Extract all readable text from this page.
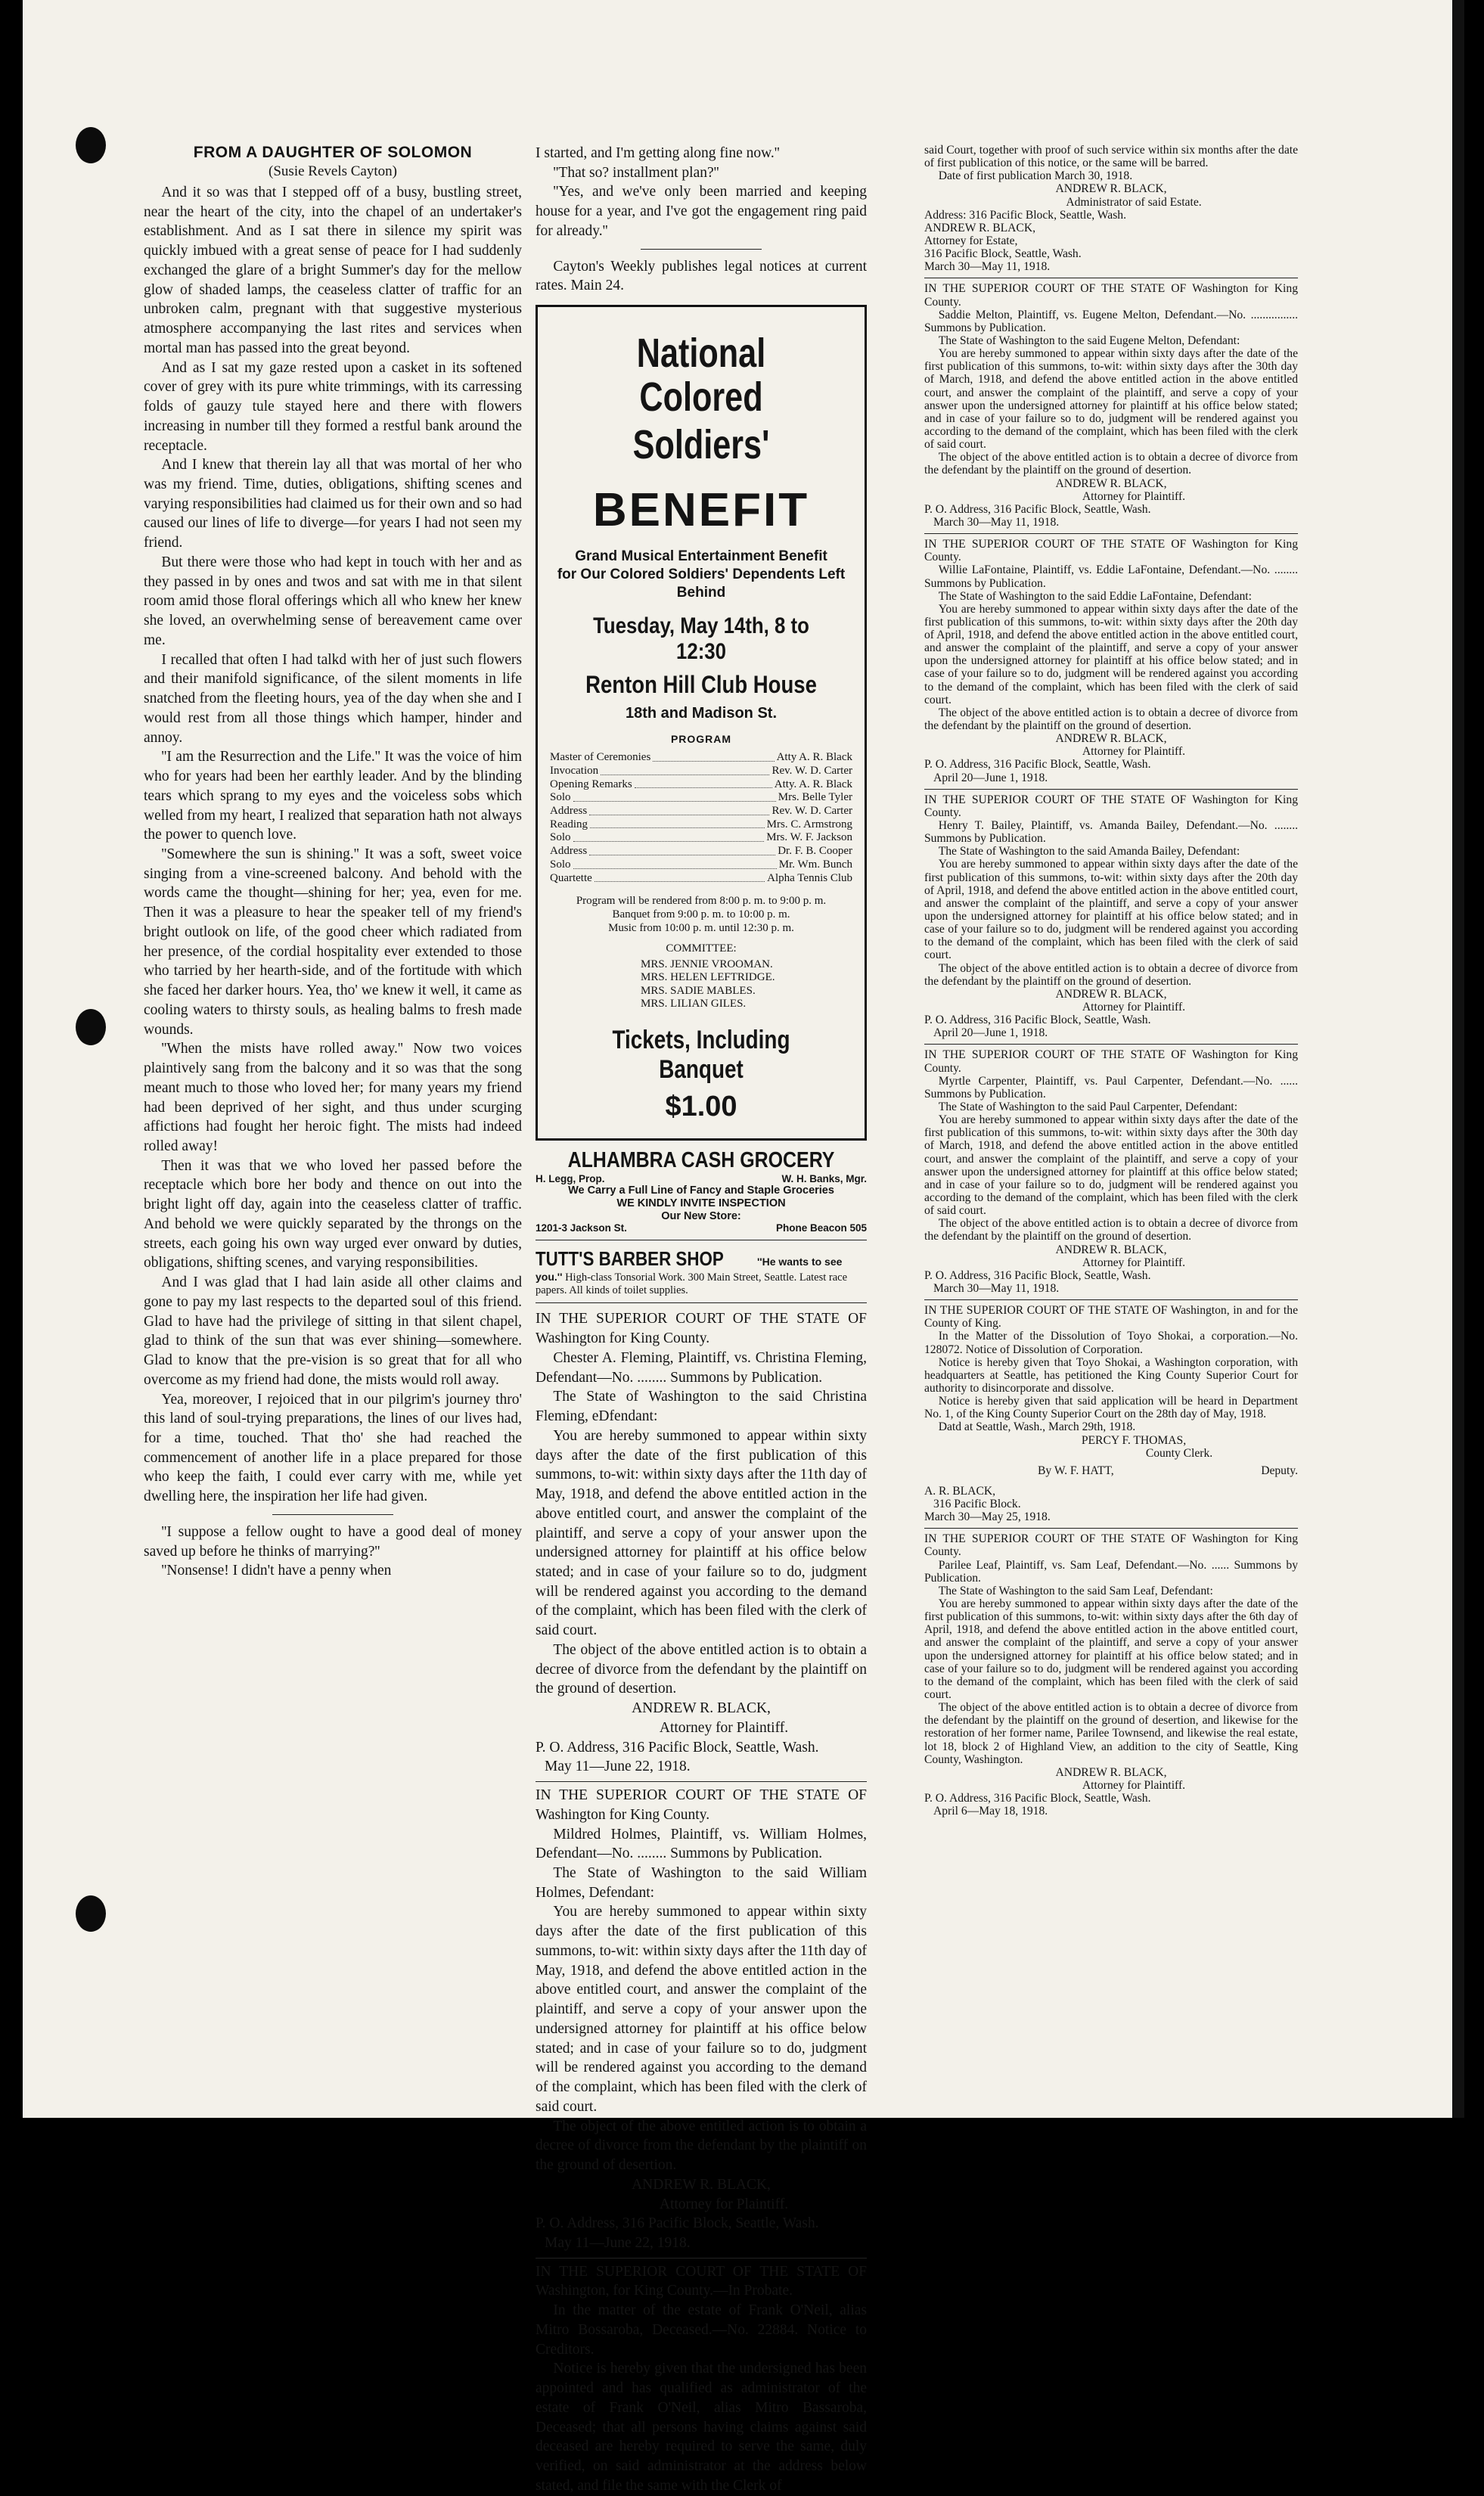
FROM A DAUGHTER OF SOLOMON
(Susie Revels Cayton)

And it so was that I stepped off of a busy, bustling street, near the heart of the city, into the chapel of an undertaker's establishment. And as I sat there in silence my spirit was quickly imbued with a great sense of peace for I had suddenly exchanged the glare of a bright Summer's day for the mellow glow of shaded lamps, the ceaseless clatter of traffic for an unbroken calm, pregnant with that suggestive mysterious atmosphere accompanying the last rites and services when mortal man has passed into the great beyond.

And as I sat my gaze rested upon a casket in its softened cover of grey with its pure white trimmings, with its carressing folds of gauzy tule stayed here and there with flowers increasing in number till they formed a restful bank around the receptacle.

And I knew that therein lay all that was mortal of her who was my friend. Time, duties, obligations, shifting scenes and varying responsibilities had claimed us for their own and so had caused our lines of life to diverge—for years I had not seen my friend.

But there were those who had kept in touch with her and as they passed in by ones and twos and sat with me in that silent room amid those floral offerings which all who knew her knew she loved, an overwhelming sense of bereavement came over me.

I recalled that often I had talkd with her of just such flowers and their manifold significance, of the silent moments in life snatched from the fleeting hours, yea of the day when she and I would rest from all those things which hamper, hinder and annoy.

''I am the Resurrection and the Life.'' It was the voice of him who for years had been her earthly leader. And by the blinding tears which sprang to my eyes and the voiceless sobs which welled from my heart, I realized that separation hath not always the power to quench love.

''Somewhere the sun is shining.'' It was a soft, sweet voice singing from a vine-screened balcony. And behold with the words came the thought—shining for her; yea, even for me. Then it was a pleasure to hear the speaker tell of my friend's bright outlook on life, of the good cheer which radiated from her presence, of the cordial hospitality ever extended to those who tarried by her hearth-side, and of the fortitude with which she faced her darker hours. Yea, tho' we knew it well, it came as cooling waters to thirsty souls, as healing balms to fresh made wounds.

''When the mists have rolled away.'' Now two voices plaintively sang from the balcony and it so was that the song meant much to those who loved her; for many years my friend had been deprived of her sight, and thus under scurging affictions had fought her heroic fight. The mists had indeed rolled away!

Then it was that we who loved her passed before the receptacle which bore her body and thence on out into the bright light off day, again into the ceaseless clatter of traffic. And behold we were quickly separated by the throngs on the streets, each going his own way urged ever onward by duties, obligations, shifting scenes, and varying responsibilities.

And I was glad that I had lain aside all other claims and gone to pay my last respects to the departed soul of this friend. Glad to have had the privilege of sitting in that silent chapel, glad to think of the sun that was ever shining—somewhere. Glad to know that the pre-vision is so great that for all who overcome as my friend had done, the mists would roll away.

Yea, moreover, I rejoiced that in our pilgrim's journey thro' this land of soul-trying preparations, the lines of our lives had, for a time, touched. That tho' she had reached the commencement of another life in a place prepared for those who keep the faith, I could ever carry with me, while yet dwelling here, the inspiration her life had given.

''I suppose a fellow ought to have a good deal of money saved up before he thinks of marrying?''

''Nonsense! I didn't have a penny when

I started, and I'm getting along fine now.''

''That so? installment plan?''

''Yes, and we've only been married and keeping house for a year, and I've got the engagement ring paid for already.''

Cayton's Weekly publishes legal notices at current rates. Main 24.

National Colored
Soldiers'
BENEFIT
Grand Musical Entertainment Benefit
for Our Colored Soldiers' Dependents Left Behind
Tuesday, May 14th, 8 to 12:30
Renton Hill Club House
18th and Madison St.
PROGRAM
Master of Ceremonies	Atty A. R. Black
Invocation	Rev. W. D. Carter
Opening Remarks	Atty. A. R. Black
Solo	Mrs. Belle Tyler
Address	Rev. W. D. Carter
Reading	Mrs. C. Armstrong
Solo	Mrs. W. F. Jackson
Address	Dr. F. B. Cooper
Solo	Mr. Wm. Bunch
Quartette	Alpha Tennis Club
Program will be rendered from 8:00 p. m. to 9:00 p. m.
Banquet from 9:00 p. m. to 10:00 p. m.
Music from 10:00 p. m. until 12:30 p. m.
COMMITTEE:
MRS. JENNIE VROOMAN.
MRS. HELEN LEFTRIDGE.
MRS. SADIE MABLES.
MRS. LILIAN GILES.
Tickets, Including Banquet
$1.00
ALHAMBRA CASH GROCERY
H. Legg, Prop.	W. H. Banks, Mgr.
We Carry a Full Line of Fancy and Staple Groceries
WE KINDLY INVITE INSPECTION
Our New Store:
1201-3 Jackson St.	Phone Beacon 505
TUTT'S BARBER SHOP	''He wants to see you.'' High-class Tonsorial Work. 300 Main Street, Seattle. Latest race papers. All kinds of toilet supplies.

IN THE SUPERIOR COURT OF THE STATE OF Washington for King County.

Chester A. Fleming, Plaintiff, vs. Christina Fleming, Defendant—No. ........ Summons by Publication.

The State of Washington to the said Christina Fleming, eDfendant:

You are hereby summoned to appear within sixty days after the date of the first publication of this summons, to-wit: within sixty days after the 11th day of May, 1918, and defend the above entitled action in the above entitled court, and answer the complaint of the plaintiff, and serve a copy of your answer upon the undersigned attorney for plaintiff at his office below stated; and in case of your failure so to do, judgment will be rendered against you according to the demand of the complaint, which has been filed with the clerk of said court.

The object of the above entitled action is to obtain a decree of divorce from the defendant by the plaintiff on the ground of desertion.

ANDREW R. BLACK,

Attorney for Plaintiff.

P. O. Address, 316 Pacific Block, Seattle, Wash.

May 11—June 22, 1918.

IN THE SUPERIOR COURT OF THE STATE OF Washington for King County.

Mildred Holmes, Plaintiff, vs. William Holmes, Defendant—No. ........ Summons by Publication.

The State of Washington to the said William Holmes, Defendant:

You are hereby summoned to appear within sixty days after the date of the first publication of this summons, to-wit: within sixty days after the 11th day of May, 1918, and defend the above entitled action in the above entitled court, and answer the complaint of the plaintiff, and serve a copy of your answer upon the undersigned attorney for plaintiff at his office below stated; and in case of your failure so to do, judgment will be rendered against you according to the demand of the complaint, which has been filed with the clerk of said court.

The object of the above entitled action is to obtain a decree of divorce from the defendant by the plaintiff on the ground of desertion.

ANDREW R. BLACK,

Attorney for Plaintiff.

P. O. Address, 316 Pacific Block, Seattle, Wash.

May 11—June 22, 1918.

IN THE SUPERIOR COURT OF THE STATE OF Washington, for King County.—In Probate.

In the matter of the estate of Frank O'Neil, alias Mitro Bossaroba, Deceased.—No. 22884. Notice to Creditors.

Notice is hereby given that the undersigned has been appointed and has qualified as administrator of the estate of Frank O'Neil, alias Mitro Bassaroba, Deceased; that all persons having claims against said deceased are hereby required to serve the same, duly verified, on said administrator at the address below stated, and file the same with the Clerk of

said Court, together with proof of such service within six months after the date of first publication of this notice, or the same will be barred.

Date of first publication March 30, 1918.

ANDREW R. BLACK,

Administrator of said Estate.

Address: 316 Pacific Block, Seattle, Wash.

ANDREW R. BLACK,

Attorney for Estate,

316 Pacific Block, Seattle, Wash.

March 30—May 11, 1918.

IN THE SUPERIOR COURT OF THE STATE OF Washington for King County.

Saddie Melton, Plaintiff, vs. Eugene Melton, Defendant.—No. ................ Summons by Publication.

The State of Washington to the said Eugene Melton, Defendant:

You are hereby summoned to appear within sixty days after the date of the first publication of this summons, to-wit: within sixty days after the 30th day of March, 1918, and defend the above entitled action in the above entitled court, and answer the complaint of the plaintiff, and serve a copy of your answer upon the undersigned attorney for plaintiff at his office below stated; and in case of your failure so to do, judgment will be rendered against you according to the demand of the complaint, which has been filed with the clerk of said court.

The object of the above entitled action is to obtain a decree of divorce from the defendant by the plaintiff on the ground of desertion.

ANDREW R. BLACK,

Attorney for Plaintiff.

P. O. Address, 316 Pacific Block, Seattle, Wash.

March 30—May 11, 1918.

IN THE SUPERIOR COURT OF THE STATE OF Washington for King County.

Willie LaFontaine, Plaintiff, vs. Eddie LaFontaine, Defendant.—No. ........ Summons by Publication.

The State of Washington to the said Eddie LaFontaine, Defendant:

You are hereby summoned to appear within sixty days after the date of the first publication of this summons, to-wit: within sixty days after the 20th day of April, 1918, and defend the above entitled action in the above entitled court, and answer the complaint of the plaintiff, and serve a copy of your answer upon the undersigned attorney for plaintiff at his office below stated; and in case of your failure so to do, judgment will be rendered against you according to the demand of the complaint, which has been filed with the clerk of said court.

The object of the above entitled action is to obtain a decree of divorce from the defendant by the plaintiff on the ground of desertion.

ANDREW R. BLACK,

Attorney for Plaintiff.

P. O. Address, 316 Pacific Block, Seattle, Wash.

April 20—June 1, 1918.

IN THE SUPERIOR COURT OF THE STATE OF Washington for King County.

Henry T. Bailey, Plaintiff, vs. Amanda Bailey, Defendant.—No. ........ Summons by Publication.

The State of Washington to the said Amanda Bailey, Defendant:

You are hereby summoned to appear within sixty days after the date of the first publication of this summons, to-wit: within sixty days after the 20th day of April, 1918, and defend the above entitled action in the above entitled court, and answer the complaint of the plaintiff, and serve a copy of your answer upon the undersigned attorney for plaintiff at his office below stated; and in case of your failure so to do, judgment will be rendered against you according to the demand of the complaint, which has been filed with the clerk of said court.

The object of the above entitled action is to obtain a decree of divorce from the defendant by the plaintiff on the ground of desertion.

ANDREW R. BLACK,

Attorney for Plaintiff.

P. O. Address, 316 Pacific Block, Seattle, Wash.

April 20—June 1, 1918.

IN THE SUPERIOR COURT OF THE STATE OF Washington for King County.

Myrtle Carpenter, Plaintiff, vs. Paul Carpenter, Defendant.—No. ...... Summons by Publication.

The State of Washington to the said Paul Carpenter, Defendant:

You are hereby summoned to appear within sixty days after the date of the first publication of this summons, to-wit: within sixty days after the 30th day of March, 1918, and defend the above entitled action in the above entitled court, and answer the complaint of the plaintiff, and serve a copy of your answer upon the undersigned attorney for plaintiff at this office below stated; and in case of your failure so to do, judgment will be rendered against you according to the demand of the complaint, which has been filed with the clerk of said court.

The object of the above entitled action is to obtain a decree of divorce from the defendant by the plaintiff on the ground of desertion.

ANDREW R. BLACK,

Attorney for Plaintiff.

P. O. Address, 316 Pacific Block, Seattle, Wash.

March 30—May 11, 1918.

IN THE SUPERIOR COURT OF THE STATE OF Washington, in and for the County of King.

In the Matter of the Dissolution of Toyo Shokai, a corporation.—No. 128072. Notice of Dissolution of Corporation.

Notice is hereby given that Toyo Shokai, a Washington corporation, with headquarters at Seattle, has petitioned the King County Superior Court for authority to disincorporate and dissolve.

Notice is hereby given that said application will be heard in Department No. 1, of the King County Superior Court on the 28th day of May, 1918.

Datd at Seattle, Wash., March 29th, 1918.

PERCY F. THOMAS,

County Clerk.

By W. F. HATT,	Deputy.

A. R. BLACK,

316 Pacific Block.

March 30—May 25, 1918.

IN THE SUPERIOR COURT OF THE STATE OF Washington for King County.

Parilee Leaf, Plaintiff, vs. Sam Leaf, Defendant.—No. ...... Summons by Publication.

The State of Washington to the said Sam Leaf, Defendant:

You are hereby summoned to appear within sixty days after the date of the first publication of this summons, to-wit: within sixty days after the 6th day of April, 1918, and defend the above entitled action in the above entitled court, and answer the complaint of the plaintiff, and serve a copy of your answer upon the undersigned attorney for plaintiff at his office below stated; and in case of your failure so to do, judgment will be rendered against you according to the demand of the complaint, which has been filed with the clerk of said court.

The object of the above entitled action is to obtain a decree of divorce from the defendant by the plaintiff on the ground of desertion, and likewise for the restoration of her former name, Parilee Townsend, and likewise the real estate, lot 18, block 2 of Highland View, an addition to the city of Seattle, King County, Washington.

ANDREW R. BLACK,

Attorney for Plaintiff.

P. O. Address, 316 Pacific Block, Seattle, Wash.

April 6—May 18, 1918.
